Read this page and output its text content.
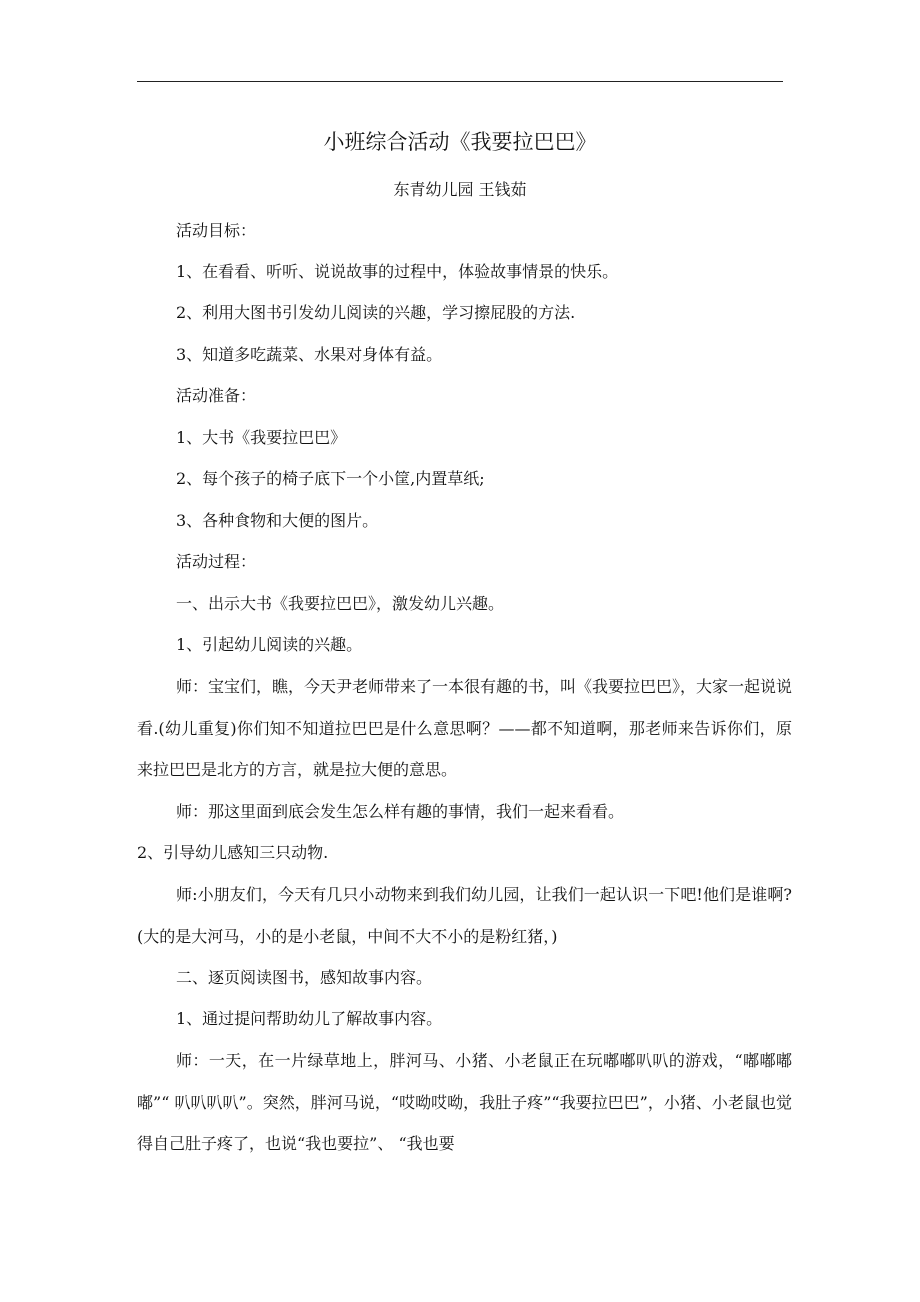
小班综合活动《我要拉巴巴》
东青幼儿园 王钱茹
活动目标：
1、在看看、听听、说说故事的过程中，体验故事情景的快乐。
2、利用大图书引发幼儿阅读的兴趣，学习擦屁股的方法.
3、知道多吃蔬菜、水果对身体有益。
活动准备：
1、大书《我要拉巴巴》
2、每个孩子的椅子底下一个小筐,内置草纸;
3、各种食物和大便的图片。
活动过程：
一、出示大书《我要拉巴巴》，激发幼儿兴趣。
1、引起幼儿阅读的兴趣。
师：宝宝们，瞧，今天尹老师带来了一本很有趣的书，叫《我要拉巴巴》，大家一起说说看.(幼儿重复)你们知不知道拉巴巴是什么意思啊？——都不知道啊，那老师来告诉你们，原来拉巴巴是北方的方言，就是拉大便的意思。
师：那这里面到底会发生怎么样有趣的事情，我们一起来看看。
2、引导幼儿感知三只动物.
师:小朋友们，今天有几只小动物来到我们幼儿园，让我们一起认识一下吧!他们是谁啊?(大的是大河马，小的是小老鼠，中间不大不小的是粉红猪，)
二、逐页阅读图书，感知故事内容。
1、通过提问帮助幼儿了解故事内容。
师：一天，在一片绿草地上，胖河马、小猪、小老鼠正在玩嘟嘟叭叭的游戏，“嘟嘟嘟嘟”“ 叭叭叭叭”。突然，胖河马说，“哎呦哎呦，我肚子疼”“我要拉巴巴”，小猪、小老鼠也觉得自己肚子疼了，也说“我也要拉”、 “我也要
